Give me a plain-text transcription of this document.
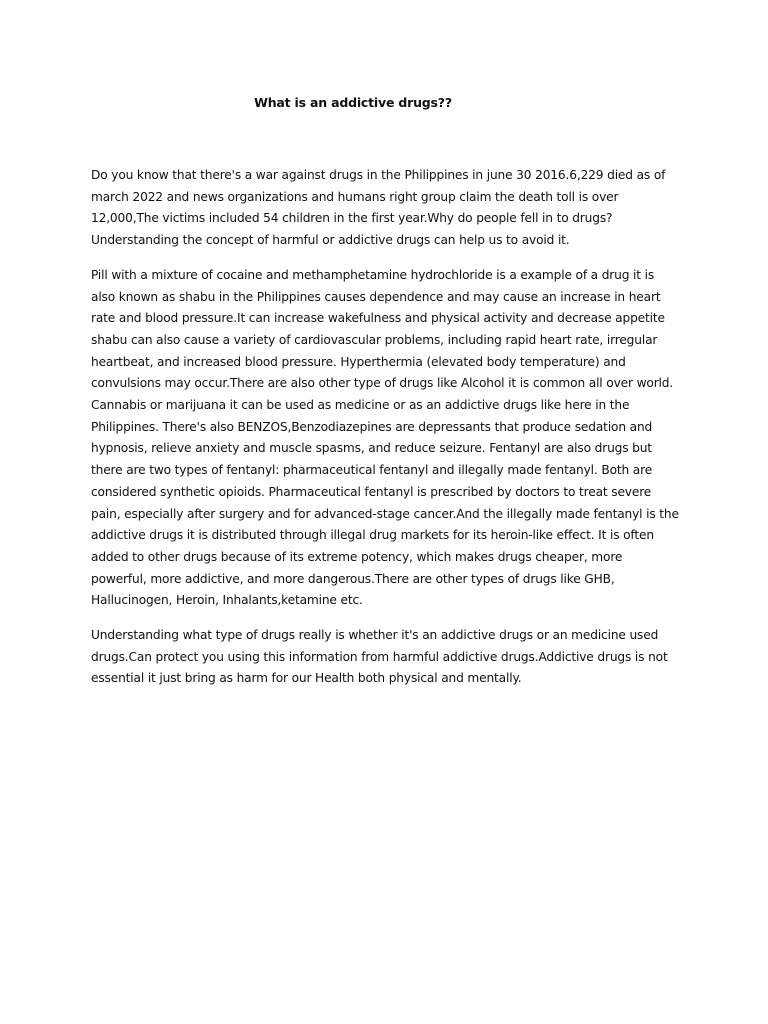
What is an addictive drugs??

Do you know that there's a war against drugs in the Philippines in june 30 2016.6,229 died as of march 2022 and news organizations and humans right group claim the death toll is over 12,000,The victims included 54 children in the first year.Why do people fell in to drugs? Understanding the concept of harmful or addictive drugs can help us to avoid it.

Pill with a mixture of cocaine and methamphetamine hydrochloride is a example of a drug it is also known as shabu in the Philippines causes dependence and may cause an increase in heart rate and blood pressure.It can increase wakefulness and physical activity and decrease appetite shabu can also cause a variety of cardiovascular problems, including rapid heart rate, irregular heartbeat, and increased blood pressure. Hyperthermia (elevated body temperature) and convulsions may occur.There are also other type of drugs like Alcohol it is common all over world. Cannabis or marijuana it can be used as medicine or as an addictive drugs like here in the Philippines. There's also BENZOS,Benzodiazepines are depressants that produce sedation and hypnosis, relieve anxiety and muscle spasms, and reduce seizure. Fentanyl are also drugs but there are two types of fentanyl: pharmaceutical fentanyl and illegally made fentanyl. Both are considered synthetic opioids. Pharmaceutical fentanyl is prescribed by doctors to treat severe pain, especially after surgery and for advanced-stage cancer.And the illegally made fentanyl is the addictive drugs it is distributed through illegal drug markets for its heroin-like effect. It is often added to other drugs because of its extreme potency, which makes drugs cheaper, more powerful, more addictive, and more dangerous.There are other types of drugs like GHB, Hallucinogen, Heroin, Inhalants,ketamine etc.

Understanding what type of drugs really is whether it's an addictive drugs or an medicine used drugs.Can protect you using this information from harmful addictive drugs.Addictive drugs is not essential it just bring as harm for our Health both physical and mentally.
